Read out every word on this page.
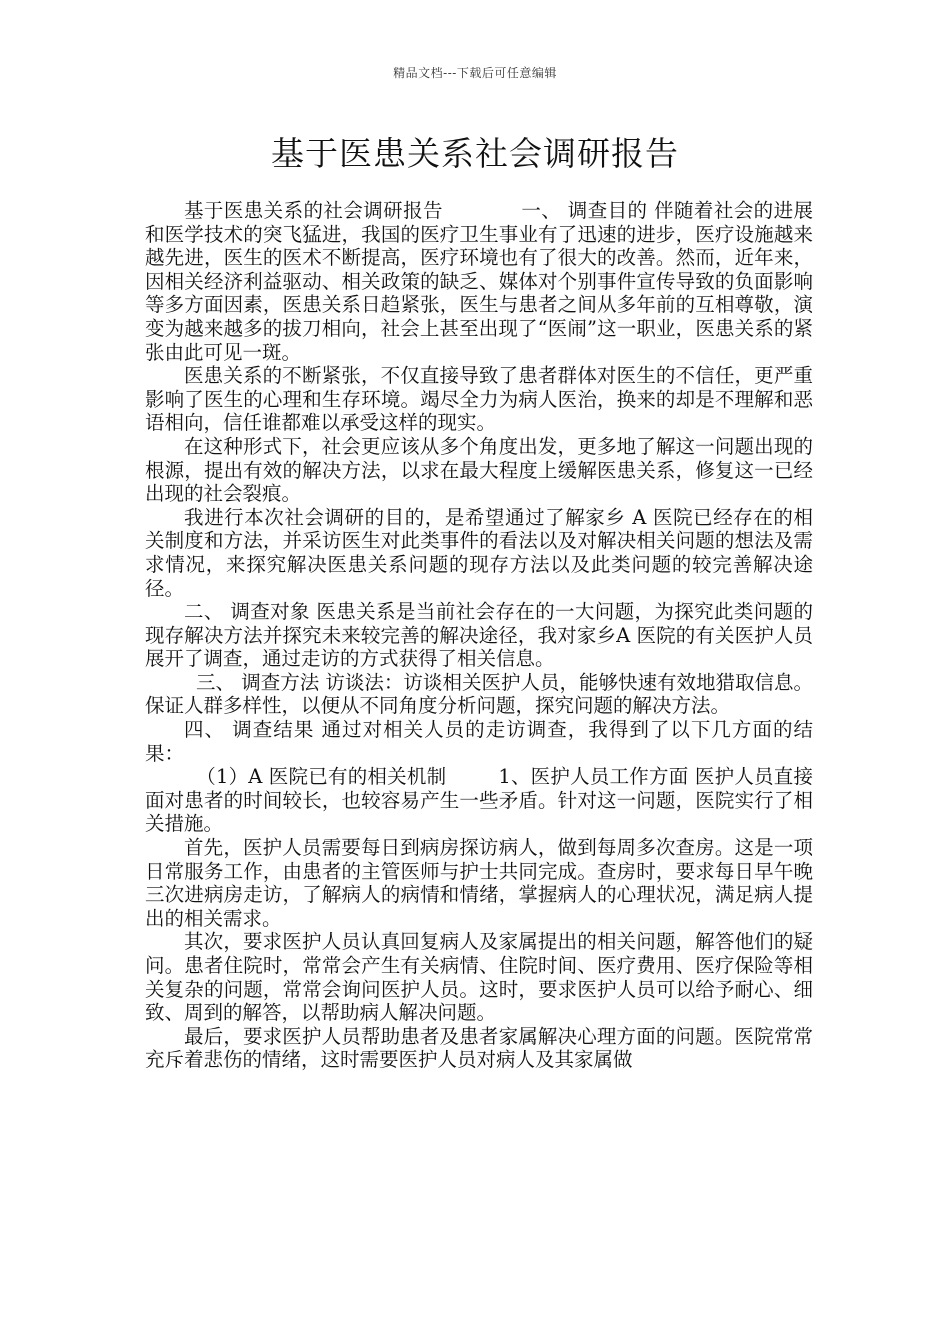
精品文档---下载后可任意编辑
基于医患关系社会调研报告

基于医患关系的社会调研报告	一、 调查目的 伴随着社会的进展和医学技术的突飞猛进，我国的医疗卫生事业有了迅速的进步，医疗设施越来越先进，医生的医术不断提高，医疗环境也有了很大的改善。然而，近年来，因相关经济利益驱动、相关政策的缺乏、媒体对个别事件宣传导致的负面影响等多方面因素，医患关系日趋紧张，医生与患者之间从多年前的互相尊敬，演变为越来越多的拔刀相向，社会上甚至出现了“医闹”这一职业，医患关系的紧张由此可见一斑。

医患关系的不断紧张，不仅直接导致了患者群体对医生的不信任，更严重影响了医生的心理和生存环境。竭尽全力为病人医治，换来的却是不理解和恶语相向，信任谁都难以承受这样的现实。

在这种形式下，社会更应该从多个角度出发，更多地了解这一问题出现的根源，提出有效的解决方法，以求在最大程度上缓解医患关系，修复这一已经出现的社会裂痕。

我进行本次社会调研的目的，是希望通过了解家乡 A 医院已经存在的相关制度和方法，并采访医生对此类事件的看法以及对解决相关问题的想法及需求情况，来探究解决医患关系问题的现存方法以及此类问题的较完善解决途径。

二、 调查对象 医患关系是当前社会存在的一大问题，为探究此类问题的现存解决方法并探究未来较完善的解决途径，我对家乡A 医院的有关医护人员展开了调查，通过走访的方式获得了相关信息。

三、 调查方法 访谈法：访谈相关医护人员，能够快速有效地猎取信息。保证人群多样性，以便从不同角度分析问题，探究问题的解决方法。

四、 调查结果 通过对相关人员的走访调查，我得到了以下几方面的结果：

（1）A 医院已有的相关机制	1、医护人员工作方面 医护人员直接面对患者的时间较长，也较容易产生一些矛盾。针对这一问题，医院实行了相关措施。

首先，医护人员需要每日到病房探访病人，做到每周多次查房。这是一项日常服务工作，由患者的主管医师与护士共同完成。查房时，要求每日早午晚三次进病房走访，了解病人的病情和情绪，掌握病人的心理状况，满足病人提出的相关需求。

其次，要求医护人员认真回复病人及家属提出的相关问题，解答他们的疑问。患者住院时，常常会产生有关病情、住院时间、医疗费用、医疗保险等相关复杂的问题，常常会询问医护人员。这时，要求医护人员可以给予耐心、细致、周到的解答，以帮助病人解决问题。

最后，要求医护人员帮助患者及患者家属解决心理方面的问题。医院常常充斥着悲伤的情绪，这时需要医护人员对病人及其家属做
